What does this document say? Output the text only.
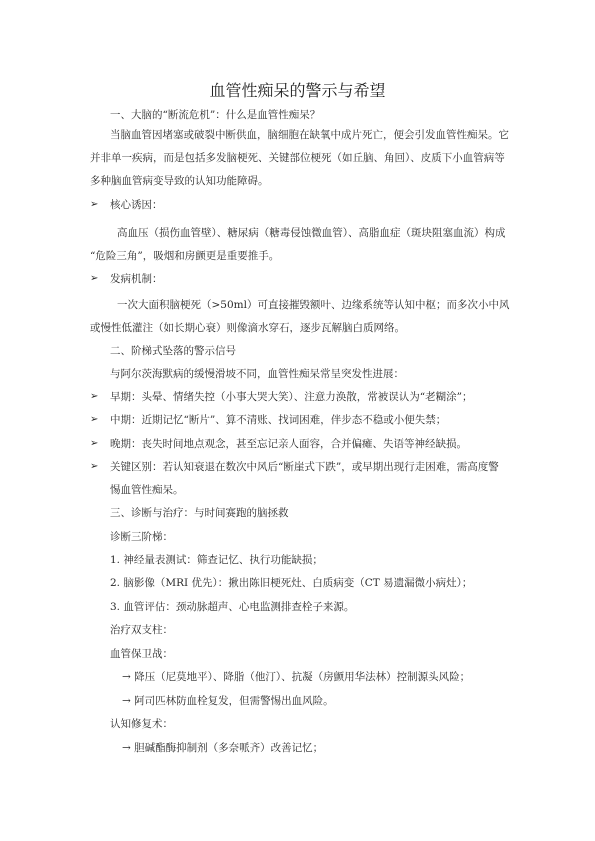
血管性痴呆的警示与希望
一、大脑的“断流危机”：什么是血管性痴呆？
当脑血管因堵塞或破裂中断供血，脑细胞在缺氧中成片死亡，便会引发血管性痴呆。它
并非单一疾病，而是包括多发脑梗死、关键部位梗死（如丘脑、角回）、皮质下小血管病等
多种脑血管病变导致的认知功能障碍。
➢ 核心诱因：
高血压（损伤血管壁）、糖尿病（糖毒侵蚀微血管）、高脂血症（斑块阻塞血流）构成
“危险三角”，吸烟和房颤更是重要推手。
➢ 发病机制：
一次大面积脑梗死（>50ml）可直接摧毁额叶、边缘系统等认知中枢；而多次小中风
或慢性低灌注（如长期心衰）则像滴水穿石，逐步瓦解脑白质网络。
二、阶梯式坠落的警示信号
与阿尔茨海默病的缓慢滑坡不同，血管性痴呆常呈突发性进展：
➢ 早期：头晕、情绪失控（小事大哭大笑）、注意力涣散，常被误认为“老糊涂”；
➢ 中期：近期记忆“断片”、算不清账、找词困难，伴步态不稳或小便失禁；
➢ 晚期：丧失时间地点观念，甚至忘记亲人面容，合并偏瘫、失语等神经缺损。
➢ 关键区别：若认知衰退在数次中风后“断崖式下跌”，或早期出现行走困难，需高度警
惕血管性痴呆。
三、诊断与治疗：与时间赛跑的脑拯救
诊断三阶梯：
1. 神经量表测试：筛查记忆、执行功能缺损；
2. 脑影像（MRI 优先）：揪出陈旧梗死灶、白质病变（CT 易遗漏微小病灶）；
3. 血管评估：颈动脉超声、心电监测排查栓子来源。
治疗双支柱：
血管保卫战：
→ 降压（尼莫地平）、降脂（他汀）、抗凝（房颤用华法林）控制源头风险；
→ 阿司匹林防血栓复发，但需警惕出血风险。
认知修复术：
→ 胆碱酯酶抑制剂（多奈哌齐）改善记忆；
